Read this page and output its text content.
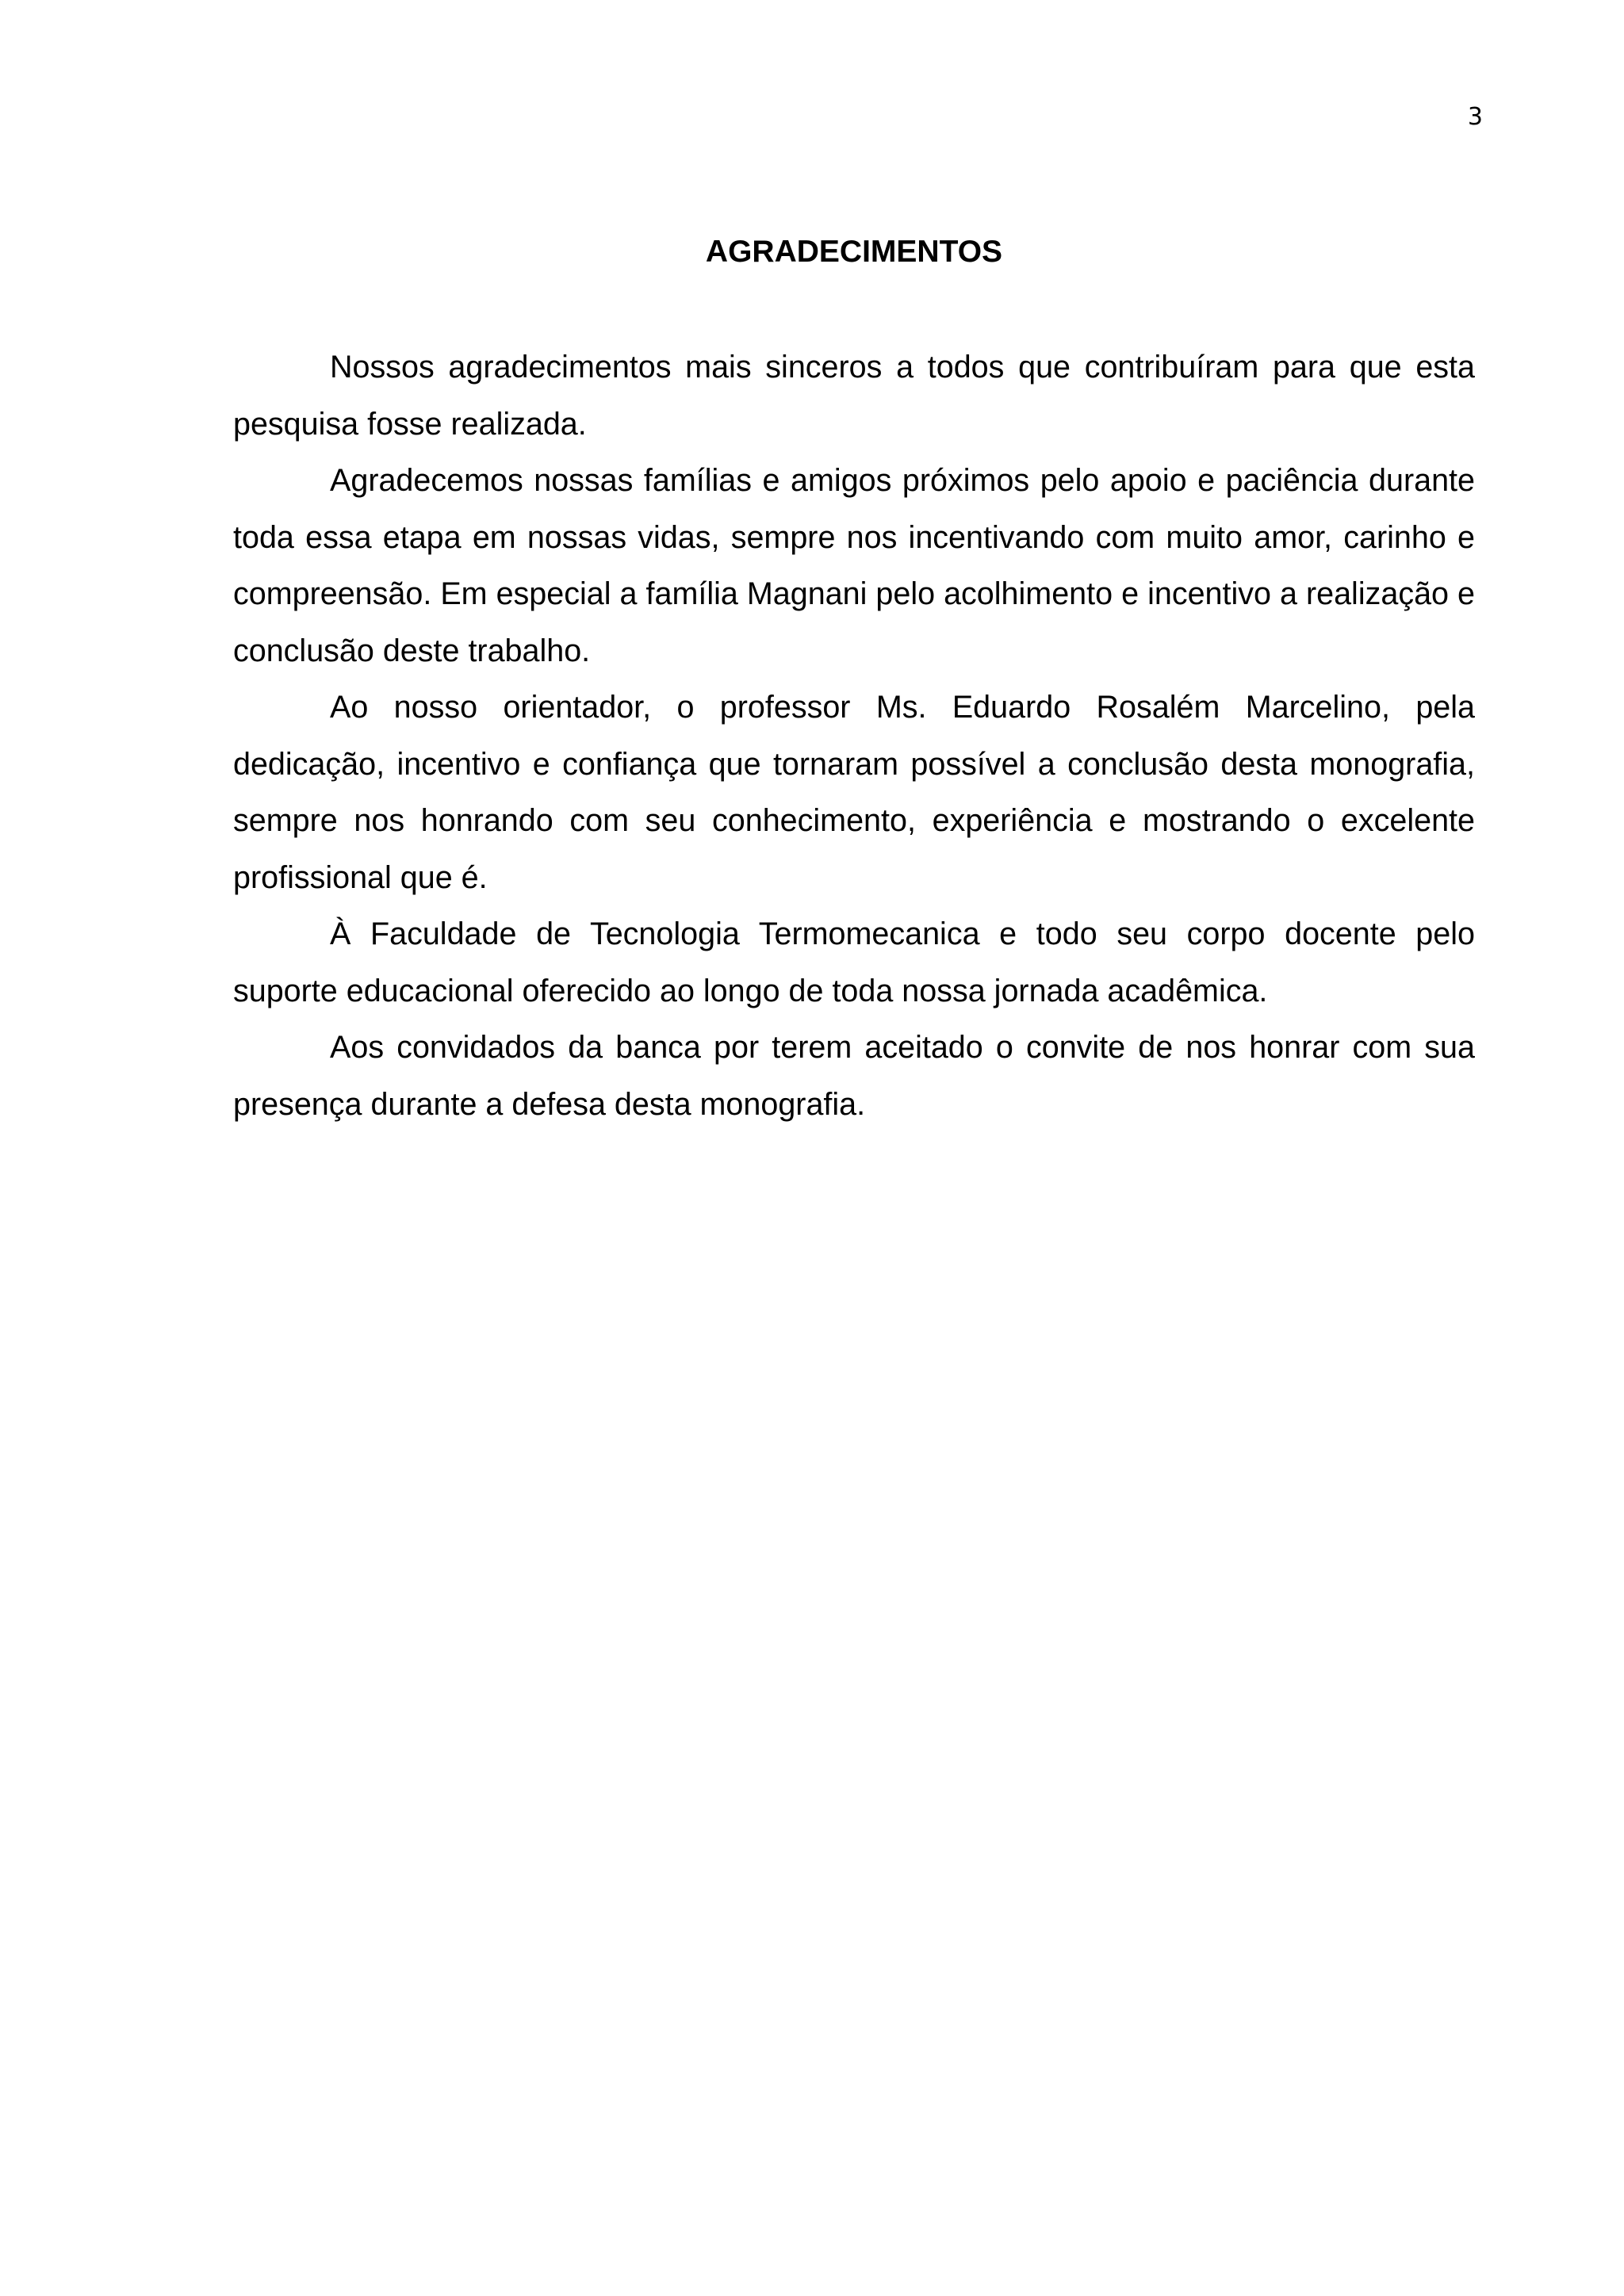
3
AGRADECIMENTOS

Nossos agradecimentos mais sinceros a todos que contribuíram para que esta pesquisa fosse realizada.

Agradecemos nossas famílias e amigos próximos pelo apoio e paciência durante toda essa etapa em nossas vidas, sempre nos incentivando com muito amor, carinho e compreensão. Em especial a família Magnani pelo acolhimento e incentivo a realização e conclusão deste trabalho.

Ao nosso orientador, o professor Ms. Eduardo Rosalém Marcelino, pela dedicação, incentivo e confiança que tornaram possível a conclusão desta monografia, sempre nos honrando com seu conhecimento, experiência e mostrando o excelente profissional que é.

À Faculdade de Tecnologia Termomecanica e todo seu corpo docente pelo suporte educacional oferecido ao longo de toda nossa jornada acadêmica.

Aos convidados da banca por terem aceitado o convite de nos honrar com sua presença durante a defesa desta monografia.
